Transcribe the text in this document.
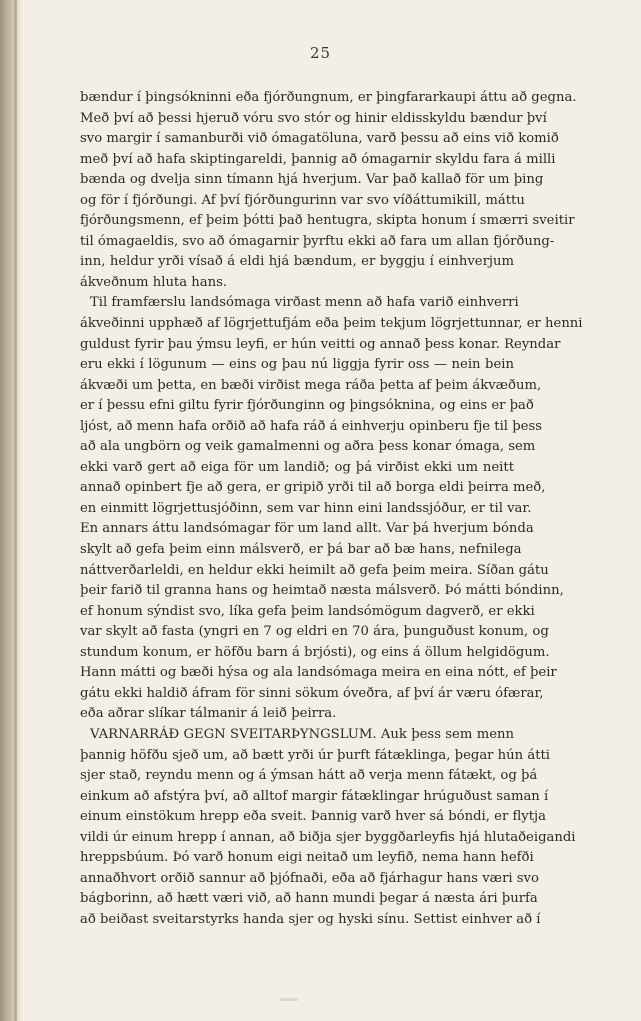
25
bændur í þingsókninni eða fjórðungnum, er þingfararkaupi áttu að gegna.
Með því að þessi hjeruð vóru svo stór og hinir eldisskyldu bændur því
svo margir í samanburði við ómagatöluna, varð þessu að eins við komið
með því að hafa skiptingareldi, þannig að ómagarnir skyldu fara á milli
bænda og dvelja sinn tímann hjá hverjum. Var það kallað för um þing
og för í fjórðungi. Af því fjórðungurinn var svo víðáttumikill, máttu
fjórðungsmenn, ef þeim þótti það hentugra, skipta honum í smærri sveitir
til ómagaeldis, svo að ómagarnir þyrftu ekki að fara um allan fjórðung-
inn, heldur yrði vísað á eldi hjá bændum, er byggju í einhverjum
ákveðnum hluta hans.
Til framfærslu landsómaga virðast menn að hafa varið einhverri
ákveðinni upphæð af lögrjettufjám eða þeim tekjum lögrjettunnar, er henni
guldust fyrir þau ýmsu leyfi, er hún veitti og annað þess konar. Reyndar
eru ekki í lögunum — eins og þau nú liggja fyrir oss — nein bein
ákvæði um þetta, en bæði virðist mega ráða þetta af þeim ákvæðum,
er í þessu efni giltu fyrir fjórðunginn og þingsóknina, og eins er það
ljóst, að menn hafa orðið að hafa ráð á einhverju opinberu fje til þess
að ala ungbörn og veik gamalmenni og aðra þess konar ómaga, sem
ekki varð gert að eiga för um landið; og þá virðist ekki um neitt
annað opinbert fje að gera, er gripið yrði til að borga eldi þeirra með,
en einmitt lögrjettusjóðinn, sem var hinn eini landssjóður, er til var.
En annars áttu landsómagar för um land allt. Var þá hverjum bónda
skylt að gefa þeim einn málsverð, er þá bar að bæ hans, nefnilega
náttverðarleldi, en heldur ekki heimilt að gefa þeim meira. Síðan gátu
þeir farið til granna hans og heimtað næsta málsverð. Þó mátti bóndinn,
ef honum sýndist svo, líka gefa þeim landsómögum dagverð, er ekki
var skylt að fasta (yngri en 7 og eldri en 70 ára, þunguðust konum, og
stundum konum, er höfðu barn á brjósti), og eins á öllum helgidögum.
Hann mátti og bæði hýsa og ala landsómaga meira en eina nótt, ef þeir
gátu ekki haldið áfram för sinni sökum óveðra, af því ár væru ófærar,
eða aðrar slíkar tálmanir á leið þeirra.
VARNARRÁÐ GEGN SVEITARÞYNGSLUM. Auk þess sem menn
þannig höfðu sjeð um, að bætt yrði úr þurft fátæklinga, þegar hún átti
sjer stað, reyndu menn og á ýmsan hátt að verja menn fátækt, og þá
einkum að afstýra því, að alltof margir fátæklingar hrúguðust saman í
einum einstökum hrepp eða sveit. Þannig varð hver sá bóndi, er flytja
vildi úr einum hrepp í annan, að biðja sjer byggðarleyfis hjá hlutaðeigandi
hreppsbúum. Þó varð honum eigi neitað um leyfið, nema hann hefði
annaðhvort orðið sannur að þjófnaði, eða að fjárhagur hans væri svo
bágborinn, að hætt væri við, að hann mundi þegar á næsta ári þurfa
að beiðast sveitarstyrks handa sjer og hyski sínu. Settist einhver að í
